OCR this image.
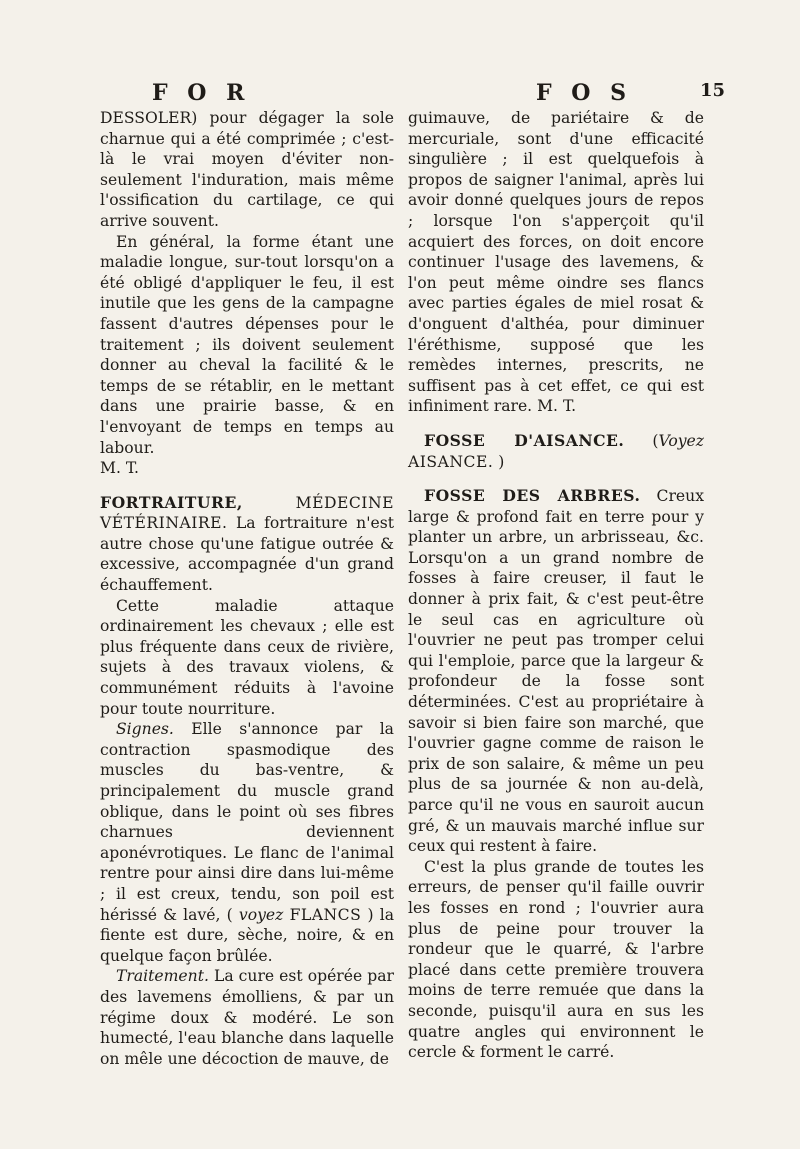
F O R	F O S	15

DESSOLER) pour dégager la sole charnue qui a été comprimée ; c'est-là le vrai moyen d'éviter non-seulement l'induration, mais même l'ossification du cartilage, ce qui arrive souvent.

En général, la forme étant une maladie longue, sur-tout lorsqu'on a été obligé d'appliquer le feu, il est inutile que les gens de la campagne fassent d'autres dépenses pour le traitement ; ils doivent seulement donner au cheval la facilité & le temps de se rétablir, en le mettant dans une prairie basse, & en l'envoyant de temps en temps au labour.

M. T.

FORTRAITURE,	MÉDECINE VÉTÉRINAIRE. La fortraiture n'est autre chose qu'une fatigue outrée & excessive, accompagnée d'un grand échauffement.

Cette maladie attaque ordinairement les chevaux ; elle est plus fréquente dans ceux de rivière, sujets à des travaux violens, & communément réduits à l'avoine pour toute nourriture.

Signes. Elle s'annonce par la contraction spasmodique des muscles du bas-ventre, & principalement du muscle grand oblique, dans le point où ses fibres charnues deviennent aponévrotiques. Le flanc de l'animal rentre pour ainsi dire dans lui-même ; il est creux, tendu, son poil est hérissé & lavé, ( voyez FLANCS ) la fiente est dure, sèche, noire, & en quelque façon brûlée.

Traitement. La cure est opérée par des lavemens émolliens, & par un régime doux & modéré. Le son humecté, l'eau blanche dans laquelle on mêle une décoction de mauve, de

guimauve, de pariétaire & de mercuriale, sont d'une efficacité singulière ; il est quelquefois à propos de saigner l'animal, après lui avoir donné quelques jours de repos ; lorsque l'on s'apperçoit qu'il acquiert des forces, on doit encore continuer l'usage des lavemens, & l'on peut même oindre ses flancs avec parties égales de miel rosat & d'onguent d'althéa, pour diminuer l'éréthisme, supposé que les remèdes internes, prescrits, ne suffisent pas à cet effet, ce qui est infiniment rare. M. T.

FOSSE D'AISANCE. (Voyez AISANCE. )

FOSSE DES ARBRES. Creux large & profond fait en terre pour y planter un arbre, un arbrisseau, &c. Lorsqu'on a un grand nombre de fosses à faire creuser, il faut le donner à prix fait, & c'est peut-être le seul cas en agriculture où l'ouvrier ne peut pas tromper celui qui l'emploie, parce que la largeur & profondeur de la fosse sont déterminées. C'est au propriétaire à savoir si bien faire son marché, que l'ouvrier gagne comme de raison le prix de son salaire, & même un peu plus de sa journée & non au-delà, parce qu'il ne vous en sauroit aucun gré, & un mauvais marché influe sur ceux qui restent à faire.

C'est la plus grande de toutes les erreurs, de penser qu'il faille ouvrir les fosses en rond ; l'ouvrier aura plus de peine pour trouver la rondeur que le quarré, & l'arbre placé dans cette première trouvera moins de terre remuée que dans la seconde, puisqu'il aura en sus les quatre angles qui environnent le cercle & forment le carré.
